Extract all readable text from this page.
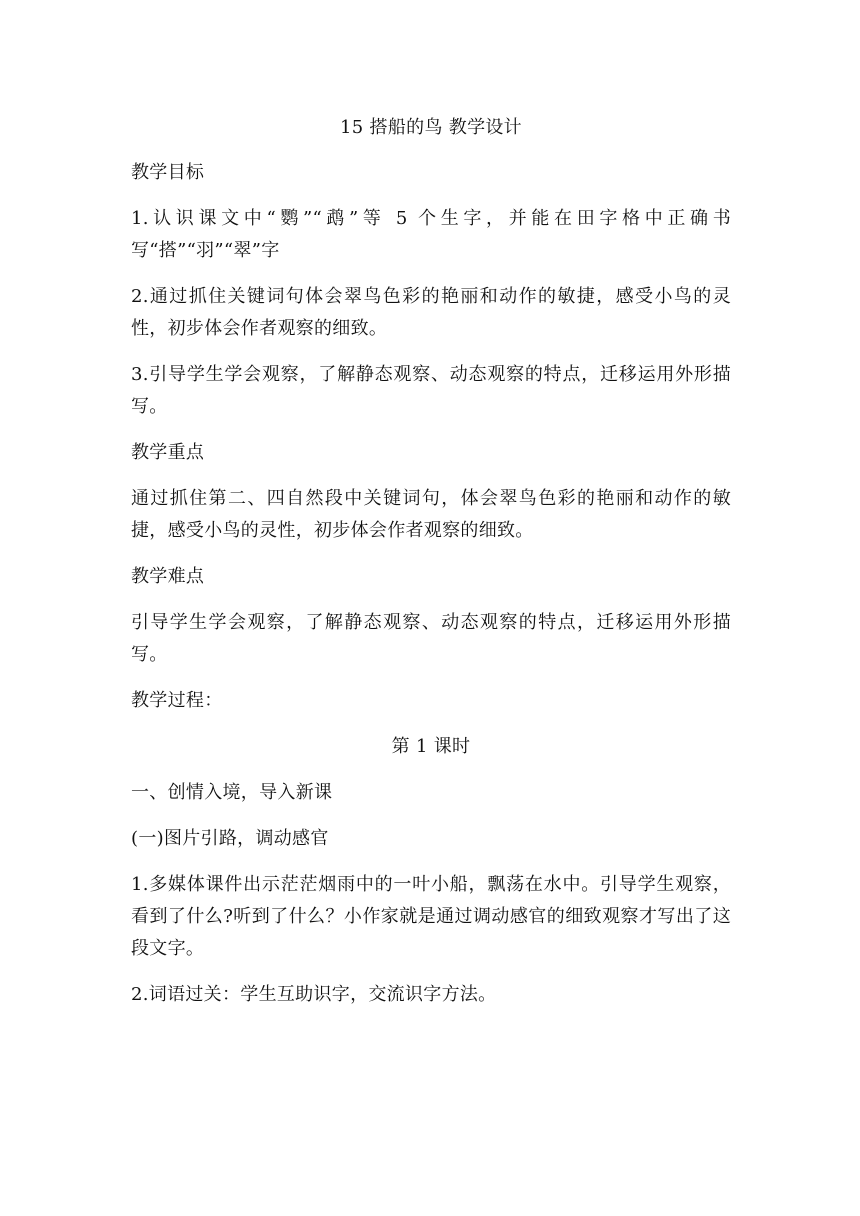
15 搭船的鸟 教学设计
教学目标
1.认识课文中“鹦”“鹉”等 5 个生字，并能在田字格中正确书写“搭”“羽”“翠”字
2.通过抓住关键词句体会翠鸟色彩的艳丽和动作的敏捷，感受小鸟的灵性，初步体会作者观察的细致。
3.引导学生学会观察，了解静态观察、动态观察的特点，迁移运用外形描写。
教学重点
通过抓住第二、四自然段中关键词句，体会翠鸟色彩的艳丽和动作的敏捷，感受小鸟的灵性，初步体会作者观察的细致。
教学难点
引导学生学会观察，了解静态观察、动态观察的特点，迁移运用外形描写。
教学过程：
第 1 课时
一、创情入境，导入新课
(一)图片引路，调动感官
1.多媒体课件出示茫茫烟雨中的一叶小船，飘荡在水中。引导学生观察，看到了什么?听到了什么？小作家就是通过调动感官的细致观察才写出了这段文字。
2.词语过关：学生互助识字，交流识字方法。
